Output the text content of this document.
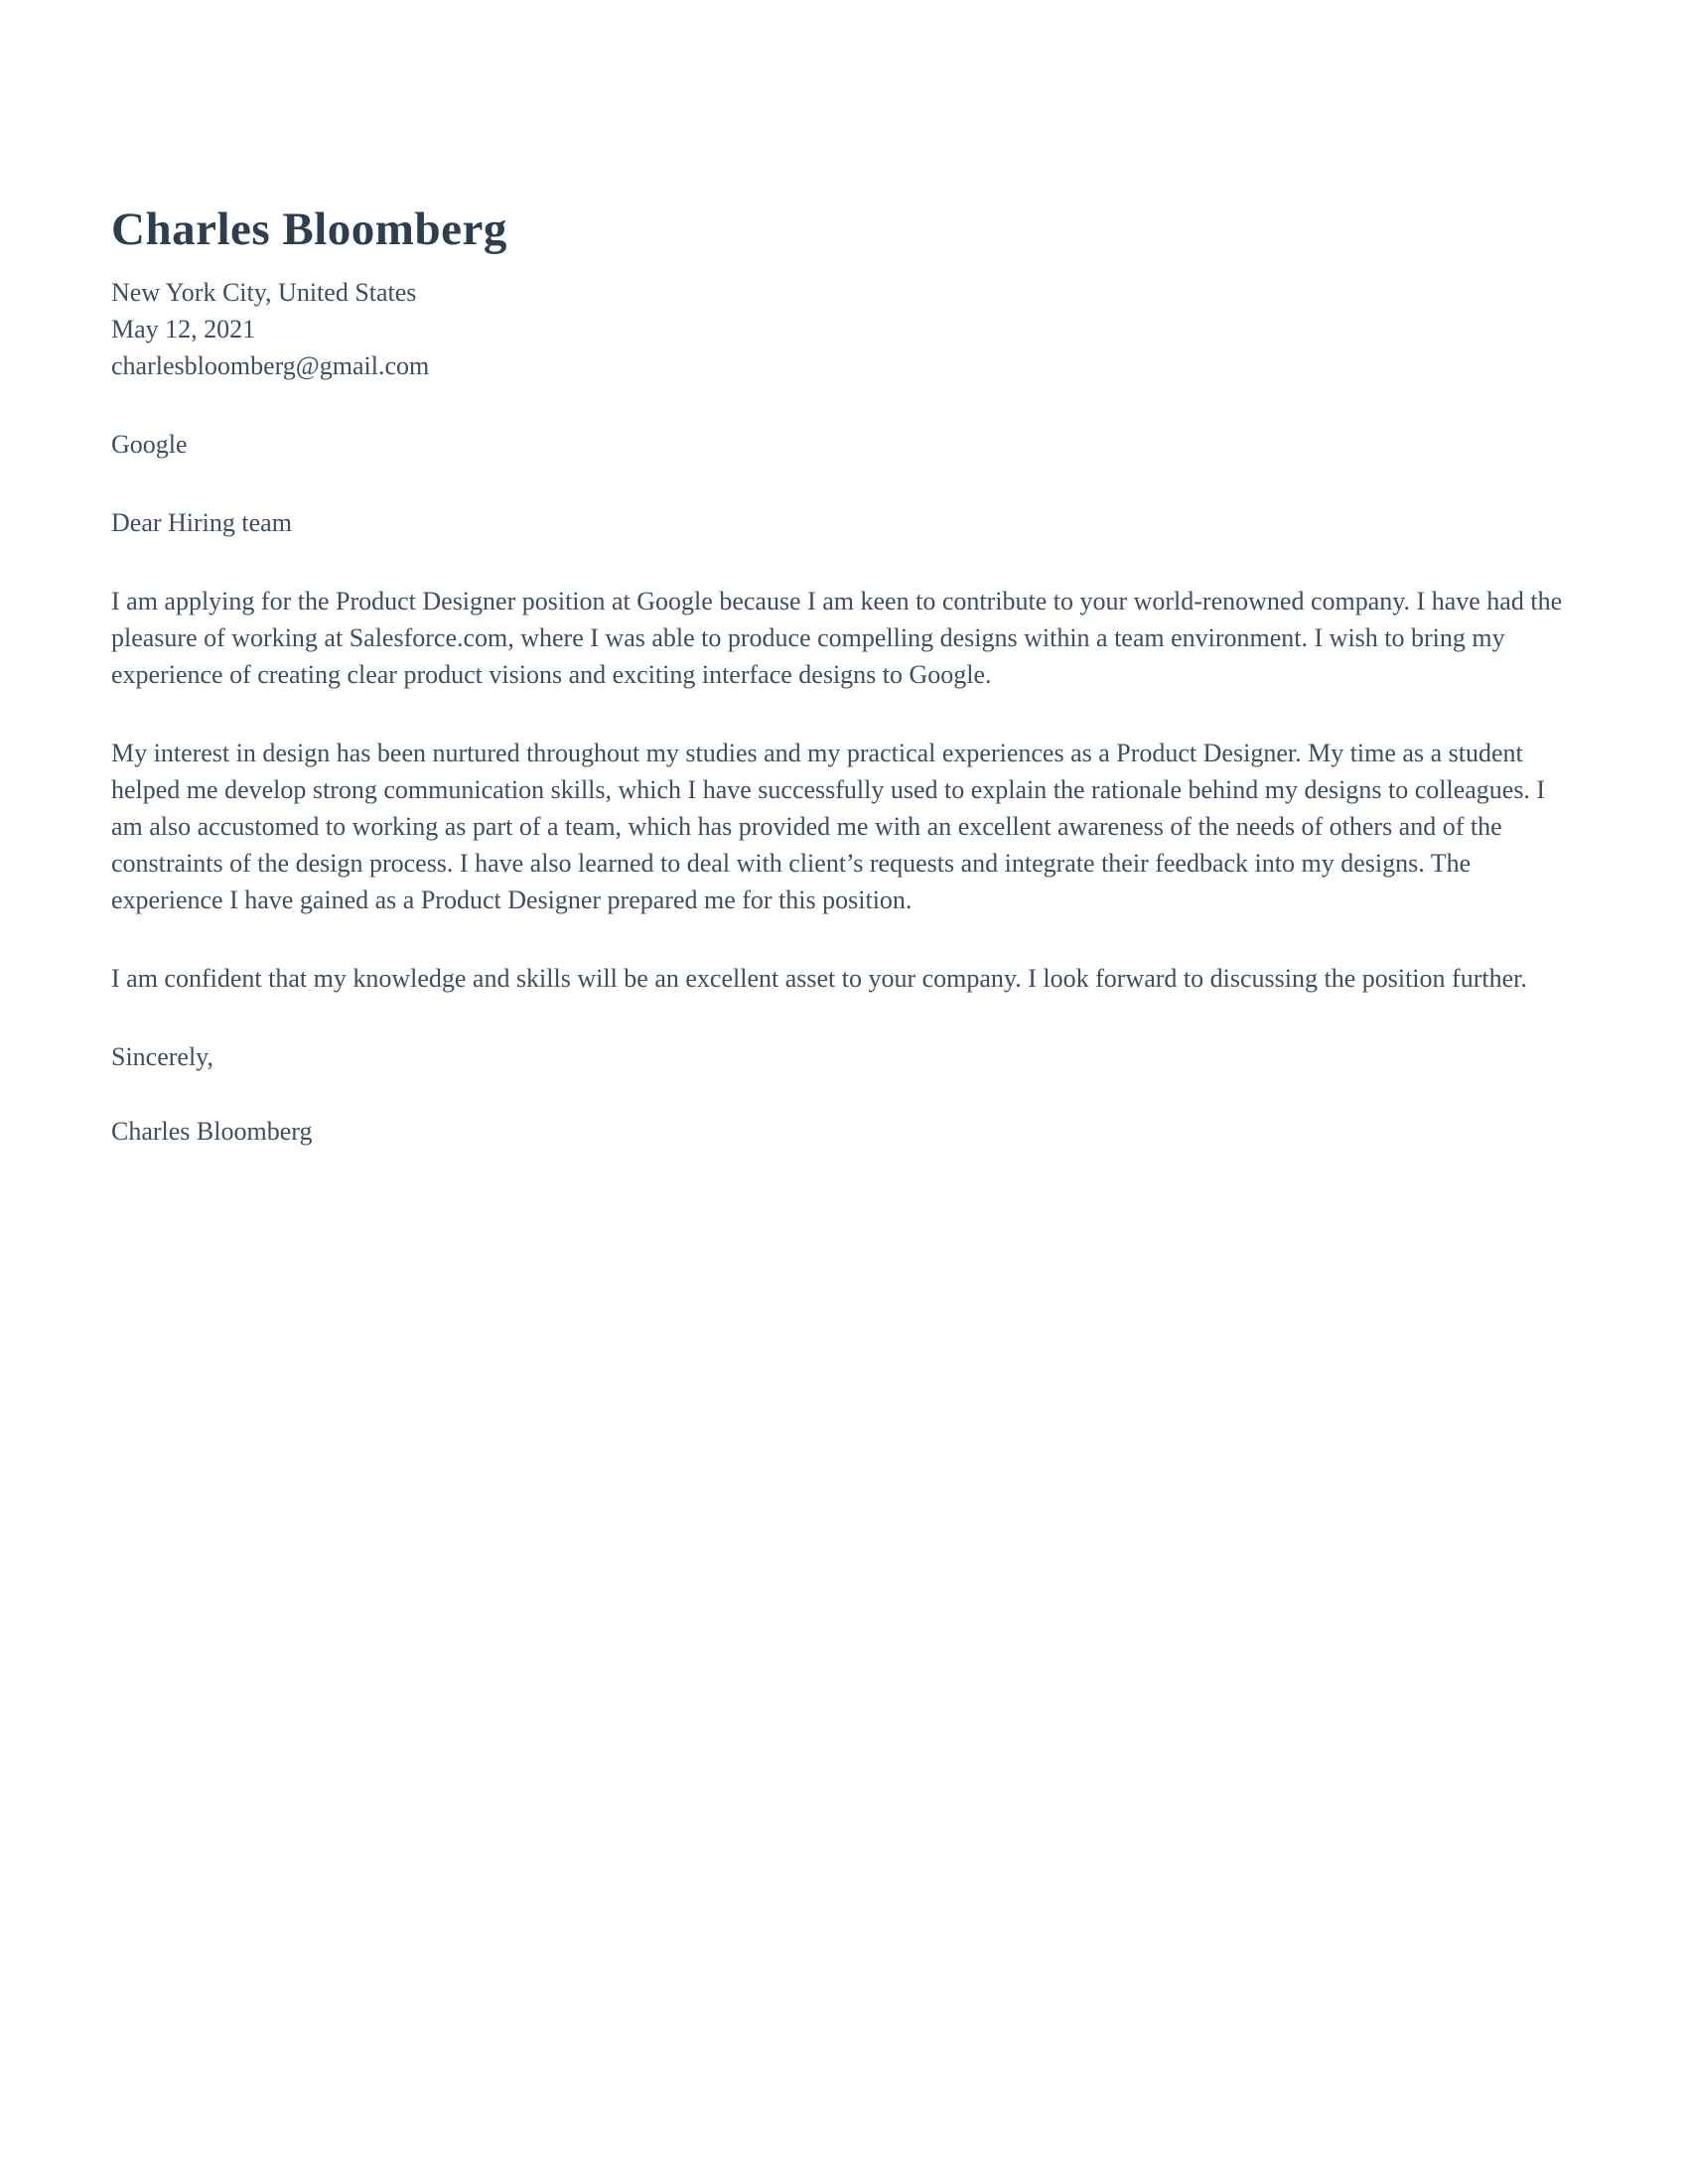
Charles Bloomberg
New York City, United States
May 12, 2021
charlesbloomberg@gmail.com
Google
Dear Hiring team

I am applying for the Product Designer position at Google because I am keen to contribute to your world-renowned company. I have had the pleasure of working at Salesforce.com, where I was able to produce compelling designs within a team environment. I wish to bring my experience of creating clear product visions and exciting interface designs to Google.

My interest in design has been nurtured throughout my studies and my practical experiences as a Product Designer. My time as a student helped me develop strong communication skills, which I have successfully used to explain the rationale behind my designs to colleagues. I am also accustomed to working as part of a team, which has provided me with an excellent awareness of the needs of others and of the constraints of the design process. I have also learned to deal with client’s requests and integrate their feedback into my designs. The experience I have gained as a Product Designer prepared me for this position.

I am confident that my knowledge and skills will be an excellent asset to your company. I look forward to discussing the position further.

Sincerely,
Charles Bloomberg
